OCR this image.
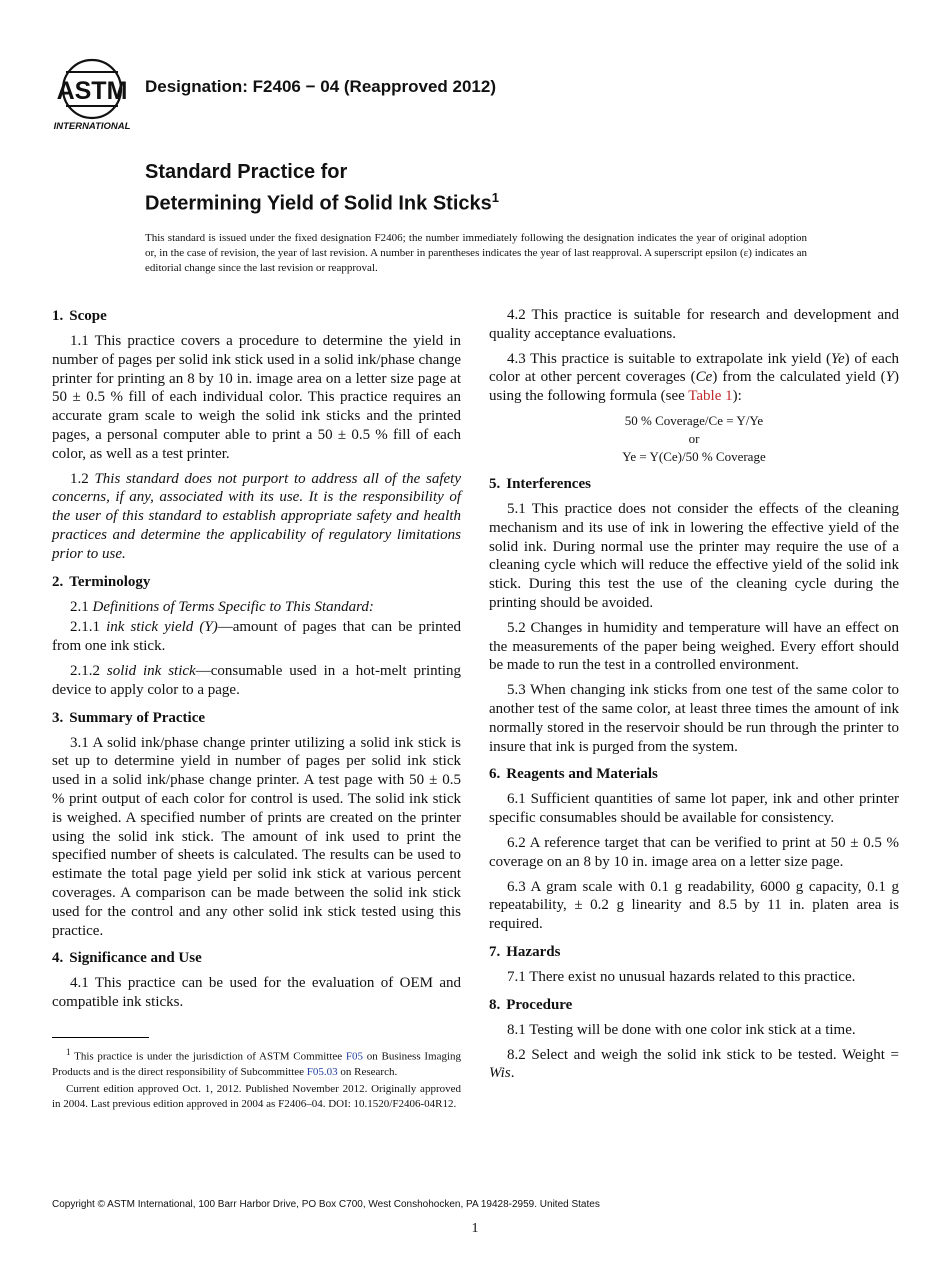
ASTM
INTERNATIONAL
Designation: F2406 − 04 (Reapproved 2012)
Standard Practice for
Determining Yield of Solid Ink Sticks$^1$
This standard is issued under the fixed designation F2406; the number immediately following the designation indicates the year of original adoption or, in the case of revision, the year of last revision. A number in parentheses indicates the year of last reapproval. A superscript epsilon (ε) indicates an editorial change since the last revision or reapproval.
1. Scope

1.1 This practice covers a procedure to determine the yield in number of pages per solid ink stick used in a solid ink/phase change printer for printing an 8 by 10 in. image area on a letter size page at 50 ± 0.5 % fill of each individual color. This practice requires an accurate gram scale to weigh the solid ink sticks and the printed pages, a personal computer able to print a 50 ± 0.5 % fill of each color, as well as a test printer.

1.2 This standard does not purport to address all of the safety concerns, if any, associated with its use. It is the responsibility of the user of this standard to establish appropriate safety and health practices and determine the applicability of regulatory limitations prior to use.

2. Terminology

2.1 Definitions of Terms Specific to This Standard:

2.1.1 ink stick yield (Y)—amount of pages that can be printed from one ink stick.

2.1.2 solid ink stick—consumable used in a hot-melt printing device to apply color to a page.

3. Summary of Practice

3.1 A solid ink/phase change printer utilizing a solid ink stick is set up to determine yield in number of pages per solid ink stick used in a solid ink/phase change printer. A test page with 50 ± 0.5 % print output of each color for control is used. The solid ink stick is weighed. A specified number of prints are created on the printer using the solid ink stick. The amount of ink used to print the specified number of sheets is calculated. The results can be used to estimate the total page yield per solid ink stick at various percent coverages. A comparison can be made between the solid ink stick used for the control and any other solid ink stick tested using this practice.

4. Significance and Use

4.1 This practice can be used for the evaluation of OEM and compatible ink sticks.

$^1$ This practice is under the jurisdiction of ASTM Committee F05 on Business Imaging Products and is the direct responsibility of Subcommittee F05.03 on Research.

Current edition approved Oct. 1, 2012. Published November 2012. Originally approved in 2004. Last previous edition approved in 2004 as F2406–04. DOI: 10.1520/F2406-04R12.

4.2 This practice is suitable for research and development and quality acceptance evaluations.

4.3 This practice is suitable to extrapolate ink yield (Ye) of each color at other percent coverages (Ce) from the calculated yield (Y) using the following formula (see Table 1):

50 % Coverage/Ce = Y/Ye
or
Ye = Y(Ce)/50 % Coverage
5. Interferences

5.1 This practice does not consider the effects of the cleaning mechanism and its use of ink in lowering the effective yield of the solid ink. During normal use the printer may require the use of a cleaning cycle which will reduce the effective yield of the solid ink stick. During this test the use of the cleaning cycle during the printing should be avoided.

5.2 Changes in humidity and temperature will have an effect on the measurements of the paper being weighed. Every effort should be made to run the test in a controlled environment.

5.3 When changing ink sticks from one test of the same color to another test of the same color, at least three times the amount of ink normally stored in the reservoir should be run through the printer to insure that ink is purged from the system.

6. Reagents and Materials

6.1 Sufficient quantities of same lot paper, ink and other printer specific consumables should be available for consistency.

6.2 A reference target that can be verified to print at 50 ± 0.5 % coverage on an 8 by 10 in. image area on a letter size page.

6.3 A gram scale with 0.1 g readability, 6000 g capacity, 0.1 g repeatability, ± 0.2 g linearity and 8.5 by 11 in. platen area is required.

7. Hazards

7.1 There exist no unusual hazards related to this practice.

8. Procedure

8.1 Testing will be done with one color ink stick at a time.

8.2 Select and weigh the solid ink stick to be tested. Weight = Wis.

Copyright © ASTM International, 100 Barr Harbor Drive, PO Box C700, West Conshohocken, PA 19428-2959. United States
1
